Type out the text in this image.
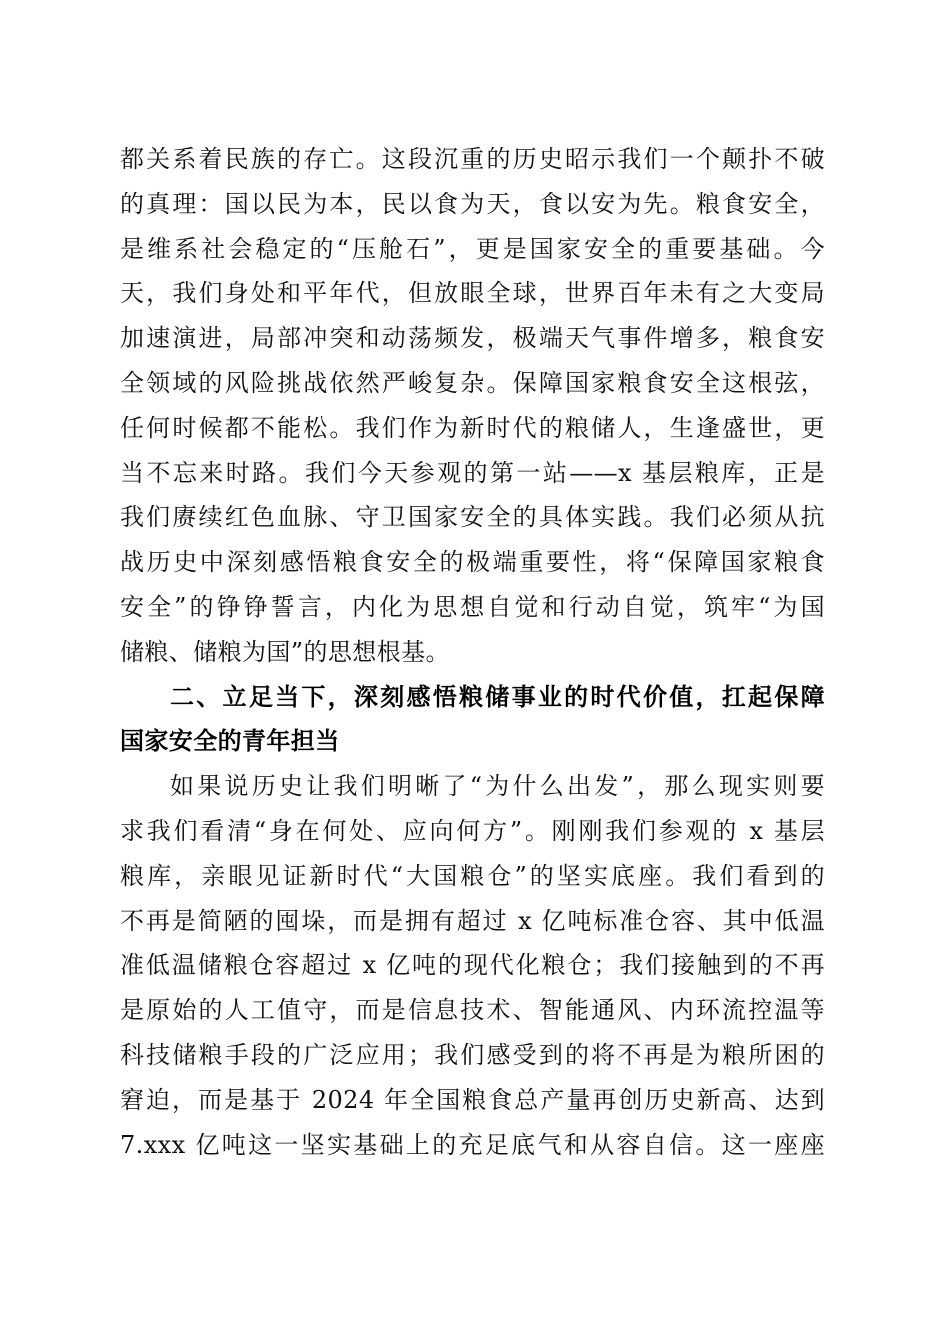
都关系着民族的存亡。这段沉重的历史昭示我们一个颠扑不破
的真理：国以民为本，民以食为天，食以安为先。粮食安全，
是维系社会稳定的“压舱石”，更是国家安全的重要基础。今
天，我们身处和平年代，但放眼全球，世界百年未有之大变局
加速演进，局部冲突和动荡频发，极端天气事件增多，粮食安
全领域的风险挑战依然严峻复杂。保障国家粮食安全这根弦，
任何时候都不能松。我们作为新时代的粮储人，生逢盛世，更
当不忘来时路。我们今天参观的第一站——x 基层粮库，正是
我们赓续红色血脉、守卫国家安全的具体实践。我们必须从抗
战历史中深刻感悟粮食安全的极端重要性，将“保障国家粮食
安全”的铮铮誓言，内化为思想自觉和行动自觉，筑牢“为国
储粮、储粮为国”的思想根基。
二、立足当下，深刻感悟粮储事业的时代价值，扛起保障
国家安全的青年担当
如果说历史让我们明晰了“为什么出发”，那么现实则要
求我们看清“身在何处、应向何方”。刚刚我们参观的 x 基层
粮库，亲眼见证新时代“大国粮仓”的坚实底座。我们看到的
不再是简陋的囤垛，而是拥有超过 x 亿吨标准仓容、其中低温
准低温储粮仓容超过 x 亿吨的现代化粮仓；我们接触到的不再
是原始的人工值守，而是信息技术、智能通风、内环流控温等
科技储粮手段的广泛应用；我们感受到的将不再是为粮所困的
窘迫，而是基于 2024 年全国粮食总产量再创历史新高、达到
7.xxx 亿吨这一坚实基础上的充足底气和从容自信。这一座座
